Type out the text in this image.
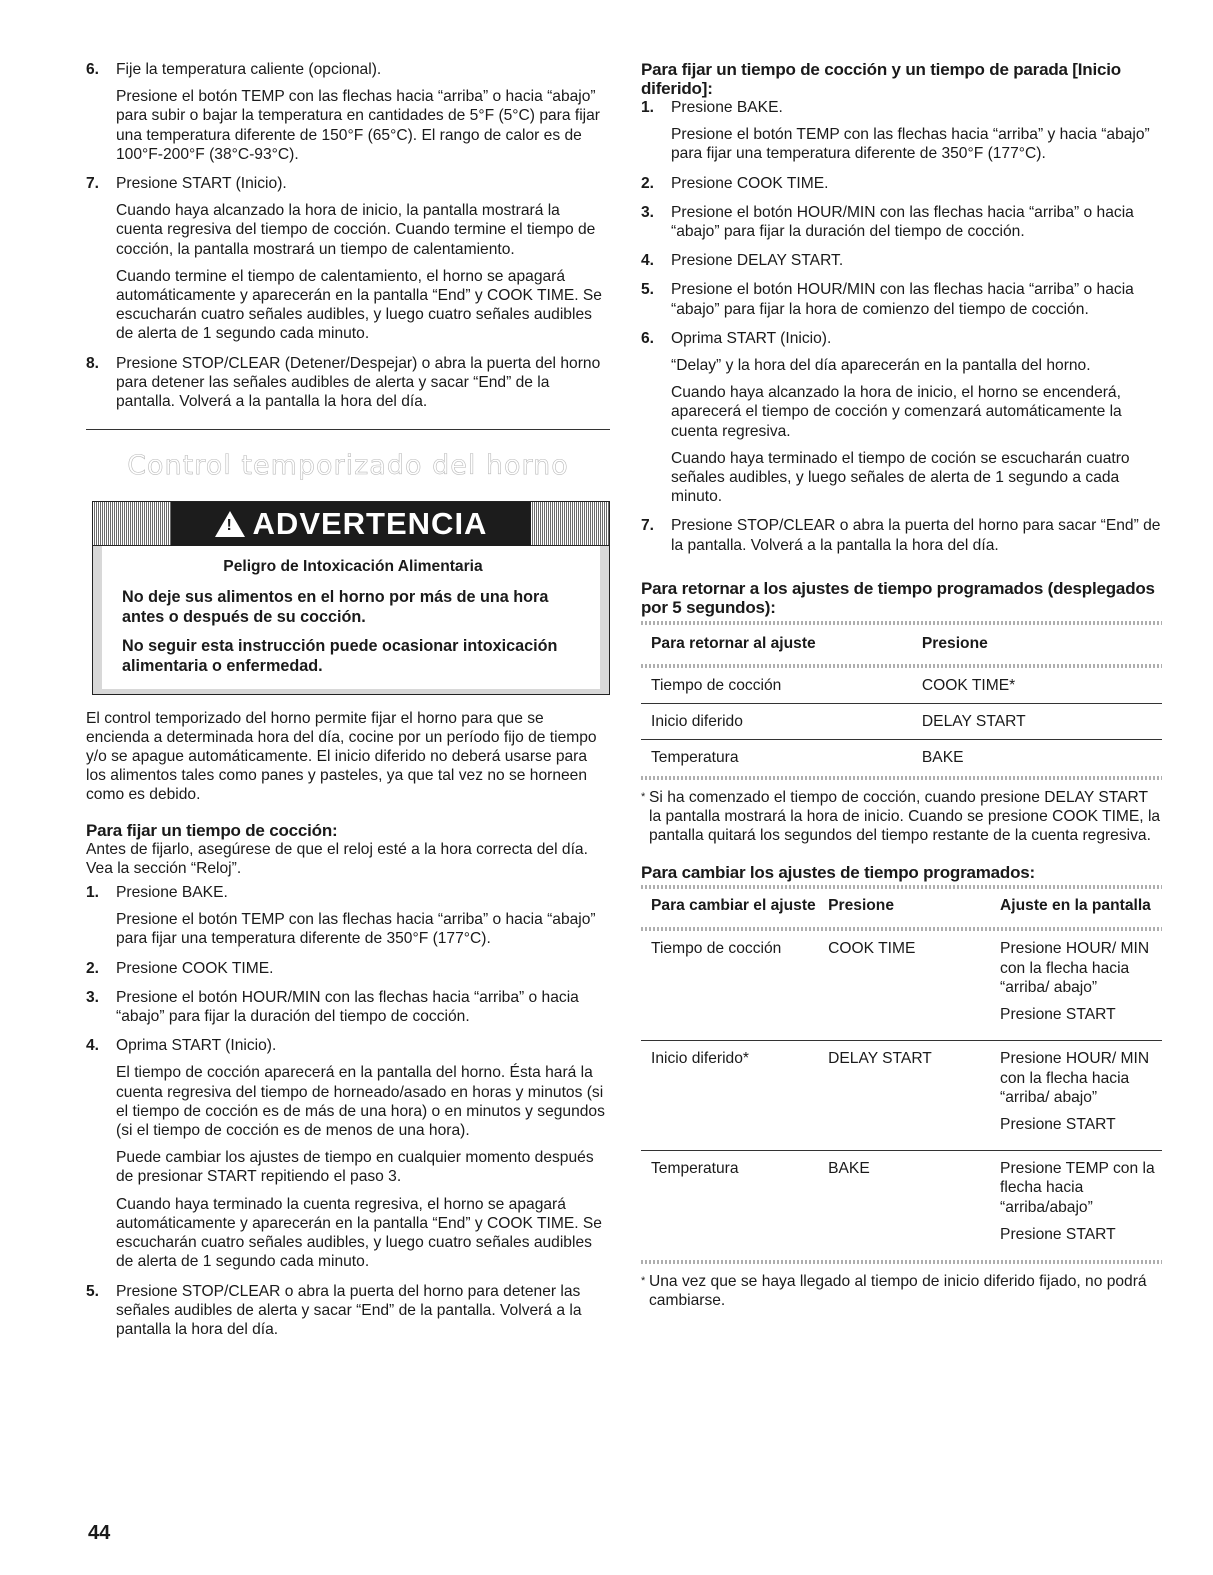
6.	Fije la temperatura caliente (opcional).

Presione el botón TEMP con las flechas hacia “arriba” o hacia “abajo” para subir o bajar la temperatura en cantidades de 5°F (5°C) para fijar una temperatura diferente de 150°F (65°C). El rango de calor es de 100°F-200°F (38°C-93°C).

7.	Presione START (Inicio).

Cuando haya alcanzado la hora de inicio, la pantalla mostrará la cuenta regresiva del tiempo de cocción. Cuando termine el tiempo de cocción, la pantalla mostrará un tiempo de calentamiento.

Cuando termine el tiempo de calentamiento, el horno se apagará automáticamente y aparecerán en la pantalla “End” y COOK TIME. Se escucharán cuatro señales audibles, y luego cuatro señales audibles de alerta de 1 segundo cada minuto.

8.	Presione STOP/CLEAR (Detener/Despejar) o abra la puerta del horno para detener las señales audibles de alerta y sacar “End” de la pantalla. Volverá a la pantalla la hora del día.

Control temporizado del horno
! ADVERTENCIA
Peligro de Intoxicación Alimentaria
No deje sus alimentos en el horno por más de una hora antes o después de su cocción.
No seguir esta instrucción puede ocasionar intoxicación alimentaria o enfermedad.

El control temporizado del horno permite fijar el horno para que se encienda a determinada hora del día, cocine por un período fijo de tiempo y/o se apague automáticamente. El inicio diferido no deberá usarse para los alimentos tales como panes y pasteles, ya que tal vez no se horneen como es debido.

Para fijar un tiempo de cocción:

Antes de fijarlo, asegúrese de que el reloj esté a la hora correcta del día. Vea la sección “Reloj”.

1.	Presione BAKE.

Presione el botón TEMP con las flechas hacia “arriba” o hacia “abajo” para fijar una temperatura diferente de 350°F (177°C).

2.	Presione COOK TIME.

3.	Presione el botón HOUR/MIN con las flechas hacia “arriba” o hacia “abajo” para fijar la duración del tiempo de cocción.

4.	Oprima START (Inicio).

El tiempo de cocción aparecerá en la pantalla del horno. Ésta hará la cuenta regresiva del tiempo de horneado/asado en horas y minutos (si el tiempo de cocción es de más de una hora) o en minutos y segundos (si el tiempo de cocción es de menos de una hora).

Puede cambiar los ajustes de tiempo en cualquier momento después de presionar START repitiendo el paso 3.

Cuando haya terminado la cuenta regresiva, el horno se apagará automáticamente y aparecerán en la pantalla “End” y COOK TIME. Se escucharán cuatro señales audibles, y luego cuatro señales audibles de alerta de 1 segundo cada minuto.

5.	Presione STOP/CLEAR o abra la puerta del horno para detener las señales audibles de alerta y sacar “End” de la pantalla. Volverá a la pantalla la hora del día.

Para fijar un tiempo de cocción y un tiempo de parada [Inicio diferido]:
1.	Presione BAKE.

Presione el botón TEMP con las flechas hacia “arriba” y hacia “abajo” para fijar una temperatura diferente de 350°F (177°C).

2.	Presione COOK TIME.

3.	Presione el botón HOUR/MIN con las flechas hacia “arriba” o hacia “abajo” para fijar la duración del tiempo de cocción.

4.	Presione DELAY START.

5.	Presione el botón HOUR/MIN con las flechas hacia “arriba” o hacia “abajo” para fijar la hora de comienzo del tiempo de cocción.

6.	Oprima START (Inicio).

“Delay” y la hora del día aparecerán en la pantalla del horno.

Cuando haya alcanzado la hora de inicio, el horno se encenderá, aparecerá el tiempo de cocción y comenzará automáticamente la cuenta regresiva.

Cuando haya terminado el tiempo de coción se escucharán cuatro señales audibles, y luego señales de alerta de 1 segundo a cada minuto.

7.	Presione STOP/CLEAR o abra la puerta del horno para sacar “End” de la pantalla. Volverá a la pantalla la hora del día.

Para retornar a los ajustes de tiempo programados (desplegados por 5 segundos):
Para retornar al ajuste	Presione

Tiempo de cocción	COOK TIME*
Inicio diferido	DELAY START
Temperatura	BAKE
* Si ha comenzado el tiempo de cocción, cuando presione DELAY START la pantalla mostrará la hora de inicio. Cuando se presione COOK TIME, la pantalla quitará los segundos del tiempo restante de la cuenta regresiva.
Para cambiar los ajustes de tiempo programados:
Para cambiar el ajuste	Presione	Ajuste en la pantalla

Tiempo de cocción	COOK TIME	Presione HOUR/ MIN con la flecha hacia “arriba/ abajo”

Presione START

Inicio diferido*	DELAY START	Presione HOUR/ MIN con la flecha hacia “arriba/ abajo”

Presione START

Temperatura	BAKE	Presione TEMP con la flecha hacia “arriba/abajo”

Presione START

* Una vez que se haya llegado al tiempo de inicio diferido fijado, no podrá cambiarse.
44
